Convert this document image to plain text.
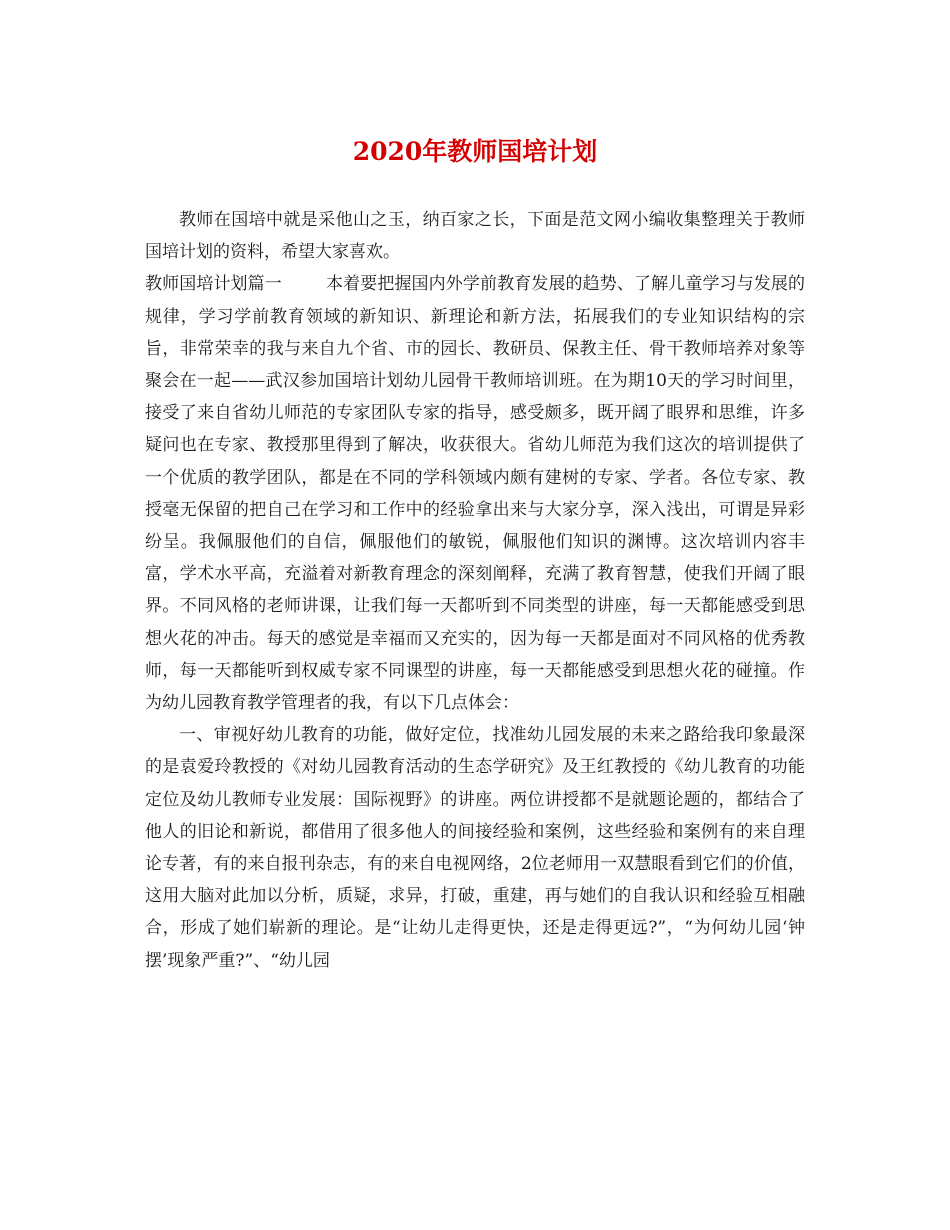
2020年教师国培计划

教师在国培中就是采他山之玉，纳百家之长，下面是范文网小编收集整理关于教师国培计划的资料，希望大家喜欢。

教师国培计划篇一	本着要把握国内外学前教育发展的趋势、了解儿童学习与发展的规律，学习学前教育领域的新知识、新理论和新方法，拓展我们的专业知识结构的宗旨，非常荣幸的我与来自九个省、市的园长、教研员、保教主任、骨干教师培养对象等聚会在一起——武汉参加国培计划幼儿园骨干教师培训班。在为期10天的学习时间里，接受了来自省幼儿师范的专家团队专家的指导，感受颇多，既开阔了眼界和思维，许多疑问也在专家、教授那里得到了解决，收获很大。省幼儿师范为我们这次的培训提供了一个优质的教学团队，都是在不同的学科领域内颇有建树的专家、学者。各位专家、教授毫无保留的把自己在学习和工作中的经验拿出来与大家分享，深入浅出，可谓是异彩纷呈。我佩服他们的自信，佩服他们的敏锐，佩服他们知识的渊博。这次培训内容丰富，学术水平高，充溢着对新教育理念的深刻阐释，充满了教育智慧，使我们开阔了眼界。不同风格的老师讲课，让我们每一天都听到不同类型的讲座，每一天都能感受到思想火花的冲击。每天的感觉是幸福而又充实的，因为每一天都是面对不同风格的优秀教师，每一天都能听到权威专家不同课型的讲座，每一天都能感受到思想火花的碰撞。作为幼儿园教育教学管理者的我，有以下几点体会：

一、审视好幼儿教育的功能，做好定位，找准幼儿园发展的未来之路给我印象最深的是袁爱玲教授的《对幼儿园教育活动的生态学研究》及王红教授的《幼儿教育的功能定位及幼儿教师专业发展：国际视野》的讲座。两位讲授都不是就题论题的，都结合了他人的旧论和新说，都借用了很多他人的间接经验和案例，这些经验和案例有的来自理论专著，有的来自报刊杂志，有的来自电视网络，2位老师用一双慧眼看到它们的价值，这用大脑对此加以分析，质疑，求异，打破，重建，再与她们的自我认识和经验互相融合，形成了她们崭新的理论。是“让幼儿走得更快，还是走得更远?”，“为何幼儿园‘钟摆’现象严重?”、“幼儿园
